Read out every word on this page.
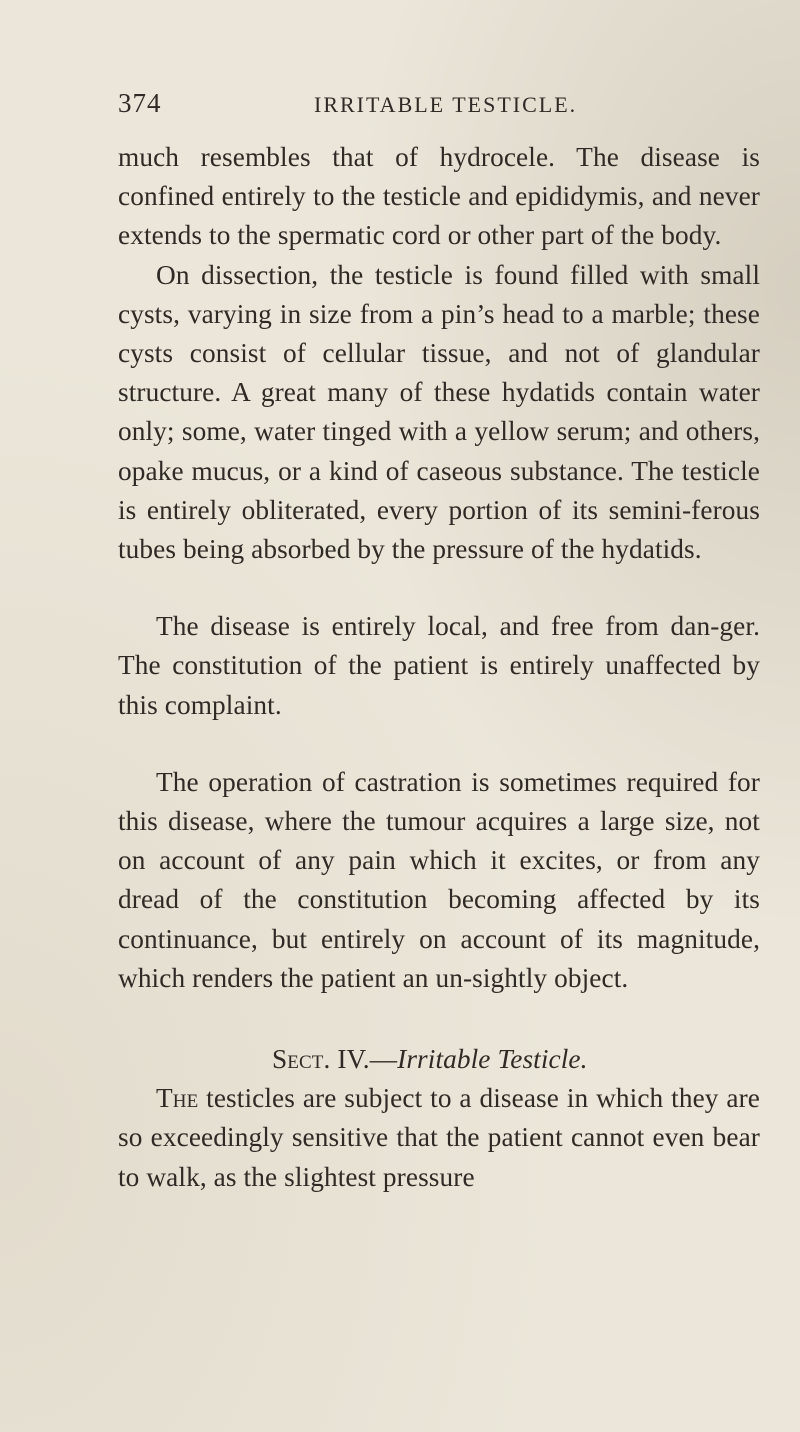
374	IRRITABLE TESTICLE.

much resembles that of hydrocele. The disease is confined entirely to the testicle and epididymis, and never extends to the spermatic cord or other part of the body.

On dissection, the testicle is found filled with small cysts, varying in size from a pin’s head to a marble; these cysts consist of cellular tissue, and not of glandular structure. A great many of these hydatids contain water only; some, water tinged with a yellow serum; and others, opake mucus, or a kind of caseous substance. The testicle is entirely obliterated, every portion of its semini-ferous tubes being absorbed by the pressure of the hydatids.

The disease is entirely local, and free from dan-ger. The constitution of the patient is entirely unaffected by this complaint.

The operation of castration is sometimes required for this disease, where the tumour acquires a large size, not on account of any pain which it excites, or from any dread of the constitution becoming affected by its continuance, but entirely on account of its magnitude, which renders the patient an un-sightly object.

Sect. IV.—Irritable Testicle.

The testicles are subject to a disease in which they are so exceedingly sensitive that the patient cannot even bear to walk, as the slightest pressure
